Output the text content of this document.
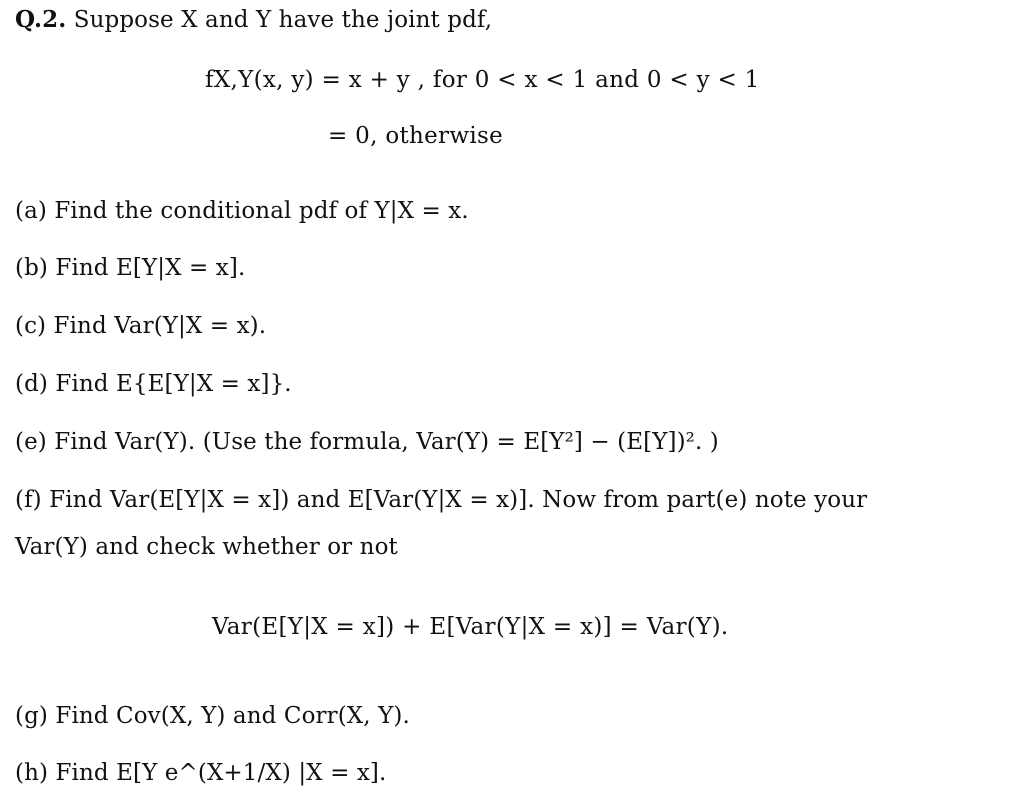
Q.2. Suppose X and Y have the joint pdf,
fX,Y(x, y) = x + y , for 0 < x < 1 and 0 < y < 1
= 0, otherwise
(a) Find the conditional pdf of Y|X = x.
(b) Find E[Y|X = x].
(c) Find Var(Y|X = x).
(d) Find E{E[Y|X = x]}.
(e) Find Var(Y). (Use the formula, Var(Y) = E[Y²] − (E[Y])². )
(f) Find Var(E[Y|X = x]) and E[Var(Y|X = x)]. Now from part(e) note your
Var(Y) and check whether or not
Var(E[Y|X = x]) + E[Var(Y|X = x)] = Var(Y).
(g) Find Cov(X, Y) and Corr(X, Y).
(h) Find E[Y e^(X+1/X) |X = x].
